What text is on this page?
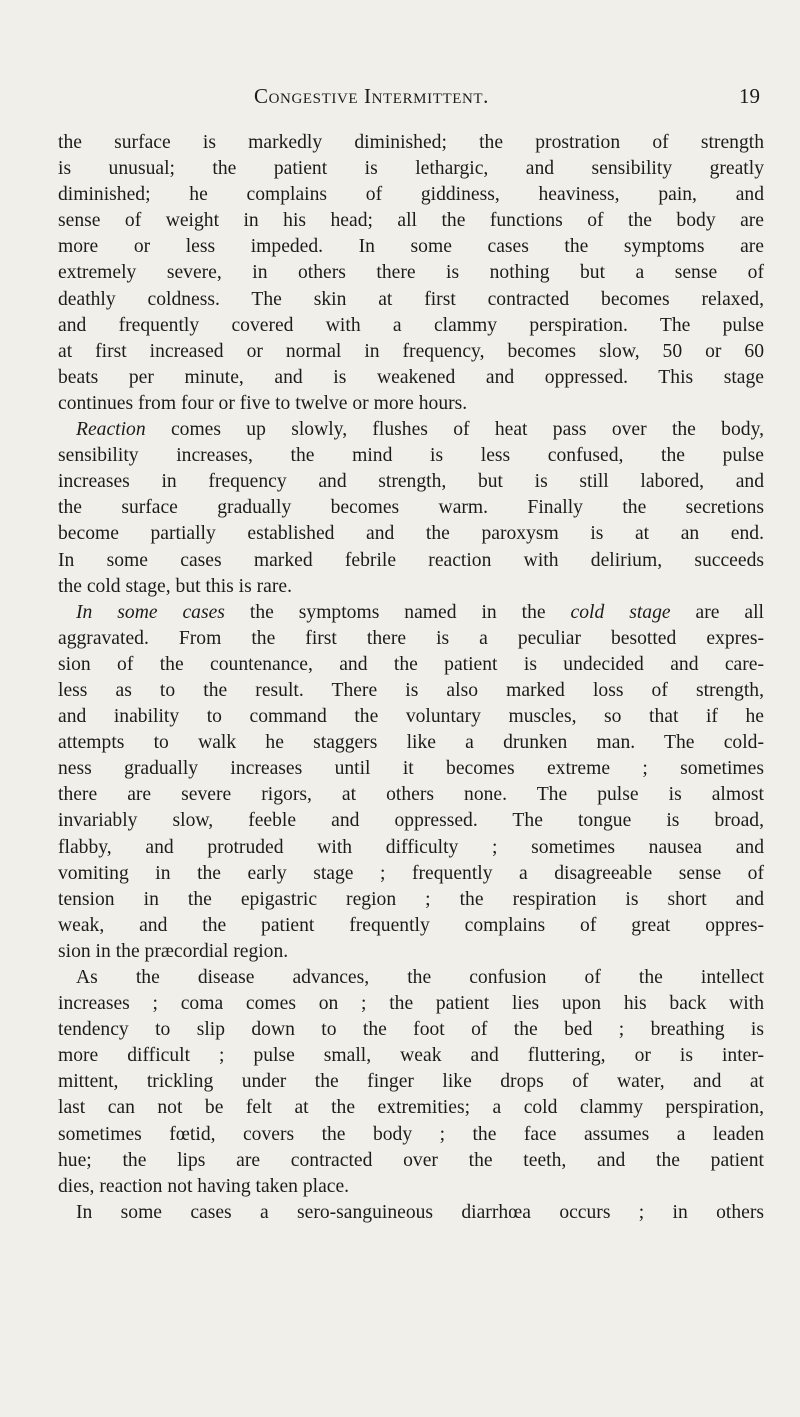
Congestive Intermittent.	19
the surface is markedly diminished; the prostration of strength
is unusual; the patient is lethargic, and sensibility greatly
diminished; he complains of giddiness, heaviness, pain, and
sense of weight in his head; all the functions of the body are
more or less impeded. In some cases the symptoms are
extremely severe, in others there is nothing but a sense of
deathly coldness. The skin at first contracted becomes relaxed,
and frequently covered with a clammy perspiration. The pulse
at first increased or normal in frequency, becomes slow, 50 or 60
beats per minute, and is weakened and oppressed. This stage
continues from four or five to twelve or more hours.
Reaction comes up slowly, flushes of heat pass over the body,
sensibility increases, the mind is less confused, the pulse
increases in frequency and strength, but is still labored, and
the surface gradually becomes warm. Finally the secretions
become partially established and the paroxysm is at an end.
In some cases marked febrile reaction with delirium, succeeds
the cold stage, but this is rare.
In some cases the symptoms named in the cold stage are all
aggravated. From the first there is a peculiar besotted expres-
sion of the countenance, and the patient is undecided and care-
less as to the result. There is also marked loss of strength,
and inability to command the voluntary muscles, so that if he
attempts to walk he staggers like a drunken man. The cold-
ness gradually increases until it becomes extreme ; sometimes
there are severe rigors, at others none. The pulse is almost
invariably slow, feeble and oppressed. The tongue is broad,
flabby, and protruded with difficulty ; sometimes nausea and
vomiting in the early stage ; frequently a disagreeable sense of
tension in the epigastric region ; the respiration is short and
weak, and the patient frequently complains of great oppres-
sion in the præcordial region.
As the disease advances, the confusion of the intellect
increases ; coma comes on ; the patient lies upon his back with
tendency to slip down to the foot of the bed ; breathing is
more difficult ; pulse small, weak and fluttering, or is inter-
mittent, trickling under the finger like drops of water, and at
last can not be felt at the extremities; a cold clammy perspiration,
sometimes fœtid, covers the body ; the face assumes a leaden
hue; the lips are contracted over the teeth, and the patient
dies, reaction not having taken place.
In some cases a sero-sanguineous diarrhœa occurs ; in others
